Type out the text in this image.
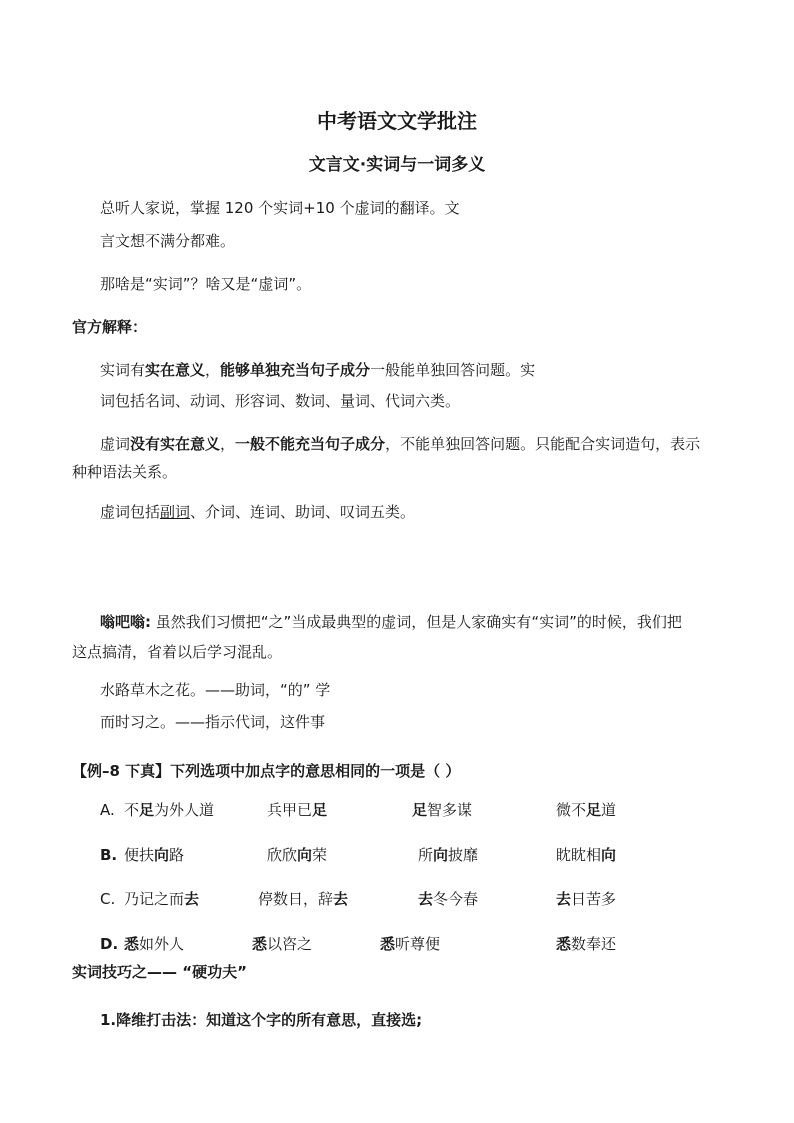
中考语文文学批注
文言文·实词与一词多义
总听人家说，掌握 120 个实词+10 个虚词的翻译。文
言文想不满分都难。
那啥是“实词”？啥又是“虚词”。
官方解释：
实词有实在意义，能够单独充当句子成分一般能单独回答问题。实
词包括名词、动词、形容词、数词、量词、代词六类。
虚词没有实在意义，一般不能充当句子成分，不能单独回答问题。只能配合实词造句，表示
种种语法关系。
虚词包括副词、介词、连词、助词、叹词五类。
嗡吧嗡: 虽然我们习惯把“之”当成最典型的虚词，但是人家确实有“实词”的时候，我们把
这点搞清，省着以后学习混乱。
水路草木之花。——助词，“的” 学
而时习之。——指示代词，这件事
【例–8 下真】下列选项中加点字的意思相同的一项是（ ）
A. 不足为外人道	兵甲已足	足智多谋	微不足道
B. 便扶向路	欣欣向荣	所向披靡	眈眈相向
C. 乃记之而去	停数日，辞去	去冬今春	去日苦多
D. 悉如外人	悉以咨之	悉听尊便	悉数奉还
实词技巧之—— “硬功夫”
1.降维打击法：知道这个字的所有意思，直接选;
